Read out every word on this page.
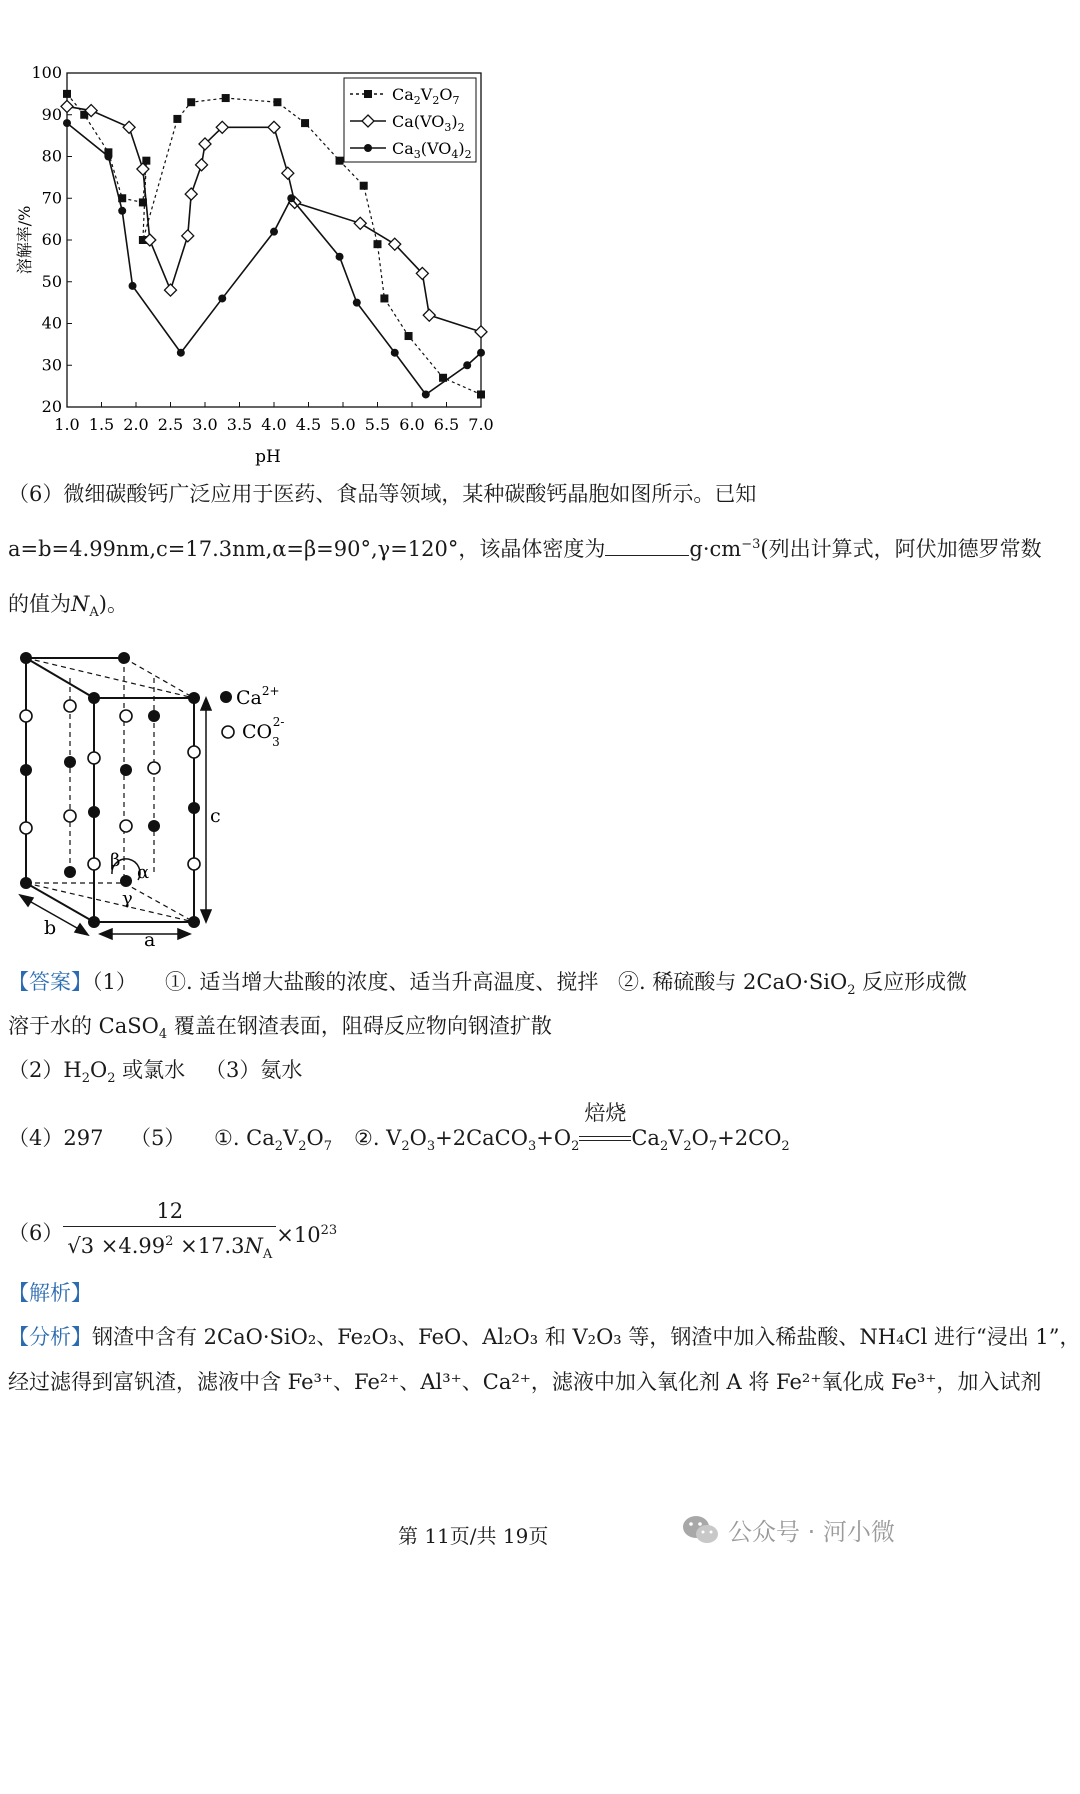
1.0 1.5 2.0 2.5 3.0 3.5 4.0 4.5 5.0 5.5 6.0 6.5 7.0
20
30
40
50
60
70
80
90
100
pH
溶解率/%
$Ca_2V_2O_7$
$Ca(VO_3)_2$
$Ca_3(VO_4)_2$
（6）微细碳酸钙广泛应用于医药、食品等领域，某种碳酸钙晶胞如图所示。已知
a=b=4.99nm,c=17.3nm,α=β=90°,γ=120°，该晶体密度为	$g\cdot cm^{-3}$(列出计算式，阿伏加德罗常数
的值为$N_A$)。
β
α
γ
c
a
b
$Ca^{2+}$
$CO_32-$
【答案】（1） ①. 适当增大盐酸的浓度、适当升高温度、搅拌 ②. 稀硫酸与 2CaO·SiO$_2$ 反应形成微
溶于水的 CaSO$_4$ 覆盖在钢渣表面，阻碍反应物向钢渣扩散
$(2)H_2O_2$ 或氯水 （3）氨水
（4）297 （5） ①. $Ca_2V_2O_7$ ②. $V_2O_3+2CaCO_3+O_2$
焙烧
$Ca_2V_2O_7+2CO_2$
$(6) \frac{12}{√3 \times 4.99^2 \times 17.3N_A} \times 10^{23}$
【解析】
【分析】钢渣中含有 2CaO·SiO₂、Fe₂O₃、FeO、Al₂O₃ 和 V₂O₃ 等，钢渣中加入稀盐酸、NH₄Cl 进行“浸出 1”，
经过滤得到富钒渣，滤液中含 Fe³⁺、Fe²⁺、Al³⁺、Ca²⁺，滤液中加入氧化剂 A 将 Fe²⁺氧化成 Fe³⁺，加入试剂
第 11页/共 19页	公众号 · 河小微
